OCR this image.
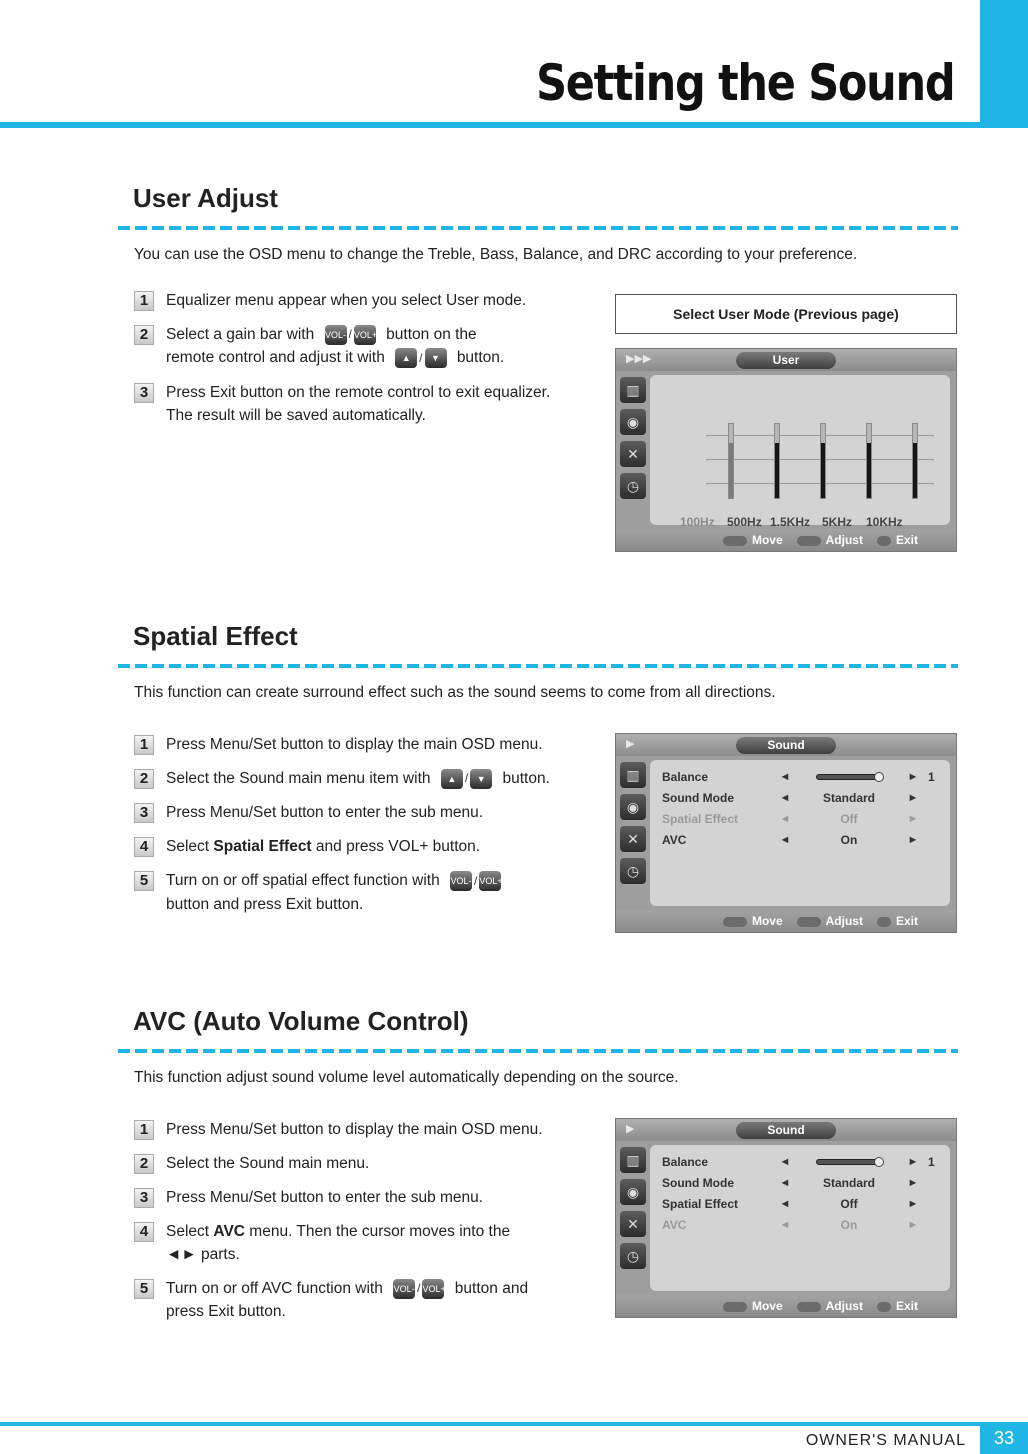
Setting the Sound
User Adjust
You can use the OSD menu to change the Treble, Bass, Balance, and DRC according to your preference.
1	Equalizer menu appear when you select User mode.
2	Select a gain bar with VOL- / VOL+ button on the
remote control and adjust it with	▲ / ▼	button.
3	Press Exit button on the remote control to exit equalizer.
The result will be saved automatically.
Select User Mode (Previous page)
▶▶▶	User
▥
◉
✕
◷
100Hz 500Hz 1.5KHz 5KHz 10KHz
Move	Adjust	Exit
Spatial Effect
This function can create surround effect such as the sound seems to come from all directions.
1	Press Menu/Set button to display the main OSD menu.
2	Select the Sound main menu item with	▲ / ▼	button.
3	Press Menu/Set button to enter the sub menu.
4	Select Spatial Effect and press VOL+ button.
5	Turn on or off spatial effect function with VOL- / VOL+

button and press Exit button.
▶	Sound
▥
◉
✕
◷
Balance	◄	► 1
Sound Mode	◄	Standard	►
Spatial Effect	◄	Off	►
AVC	◄	On	►
Move	Adjust	Exit
AVC (Auto Volume Control)
This function adjust sound volume level automatically depending on the source.
1	Press Menu/Set button to display the main OSD menu.
2	Select the Sound main menu.
3	Press Menu/Set button to enter the sub menu.
4	Select AVC menu. Then the cursor moves into the
◄► parts.
5	Turn on or off AVC function with VOL- / VOL+ button and
press Exit button.
▶	Sound
▥
◉
✕
◷
Balance	◄	► 1
Sound Mode	◄	Standard	►
Spatial Effect	◄	Off	►
AVC	◄	On	►
Move	Adjust	Exit
OWNER'S MANUAL	33
